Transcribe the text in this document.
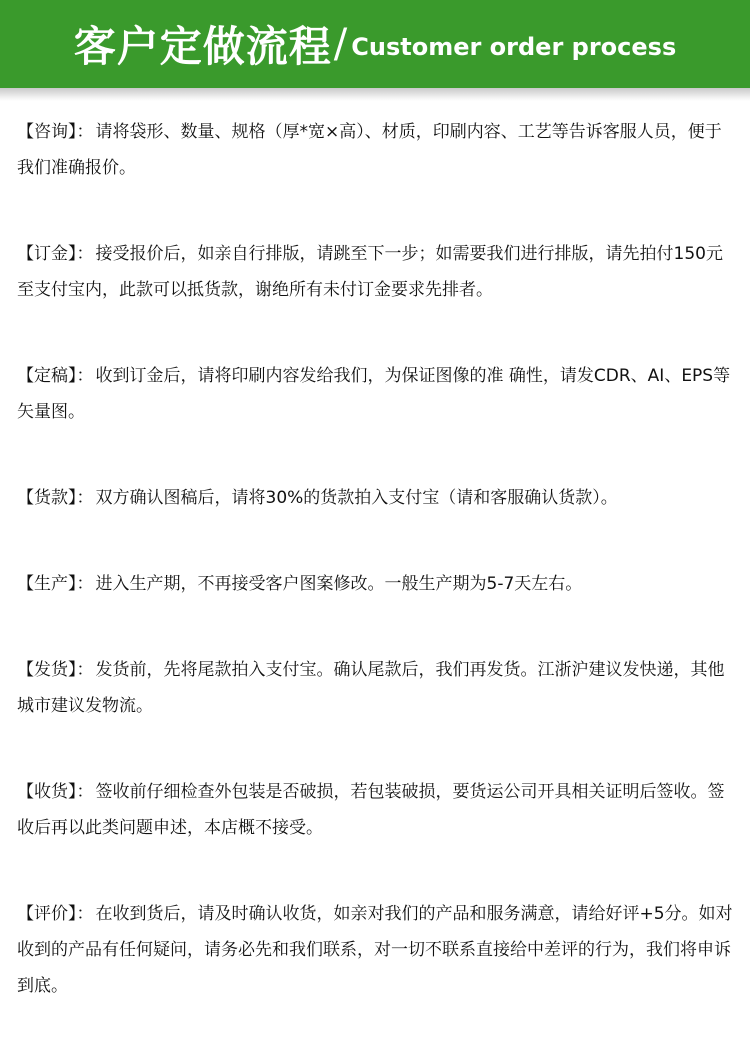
客户定做流程 / Customer order process

【咨询】： 请将袋形、数量、规格（厚*宽×高）、材质，印刷内容、工艺等告诉客服人员，便于我们准确报价。

【订金】： 接受报价后，如亲自行排版，请跳至下一步；如需要我们进行排版，请先拍付150元至支付宝内，此款可以抵货款，谢绝所有未付订金要求先排者。

【定稿】： 收到订金后，请将印刷内容发给我们，为保证图像的准 确性，请发CDR、AI、EPS等矢量图。

【货款】： 双方确认图稿后，请将30%的货款拍入支付宝（请和客服确认货款）。

【生产】： 进入生产期，不再接受客户图案修改。一般生产期为5-7天左右。

【发货】： 发货前，先将尾款拍入支付宝。确认尾款后，我们再发货。江浙沪建议发快递，其他城市建议发物流。

【收货】： 签收前仔细检查外包装是否破损，若包装破损，要货运公司开具相关证明后签收。签收后再以此类问题申述，本店概不接受。

【评价】： 在收到货后，请及时确认收货，如亲对我们的产品和服务满意，请给好评+5分。如对收到的产品有任何疑问，请务必先和我们联系，对一切不联系直接给中差评的行为，我们将申诉到底。
